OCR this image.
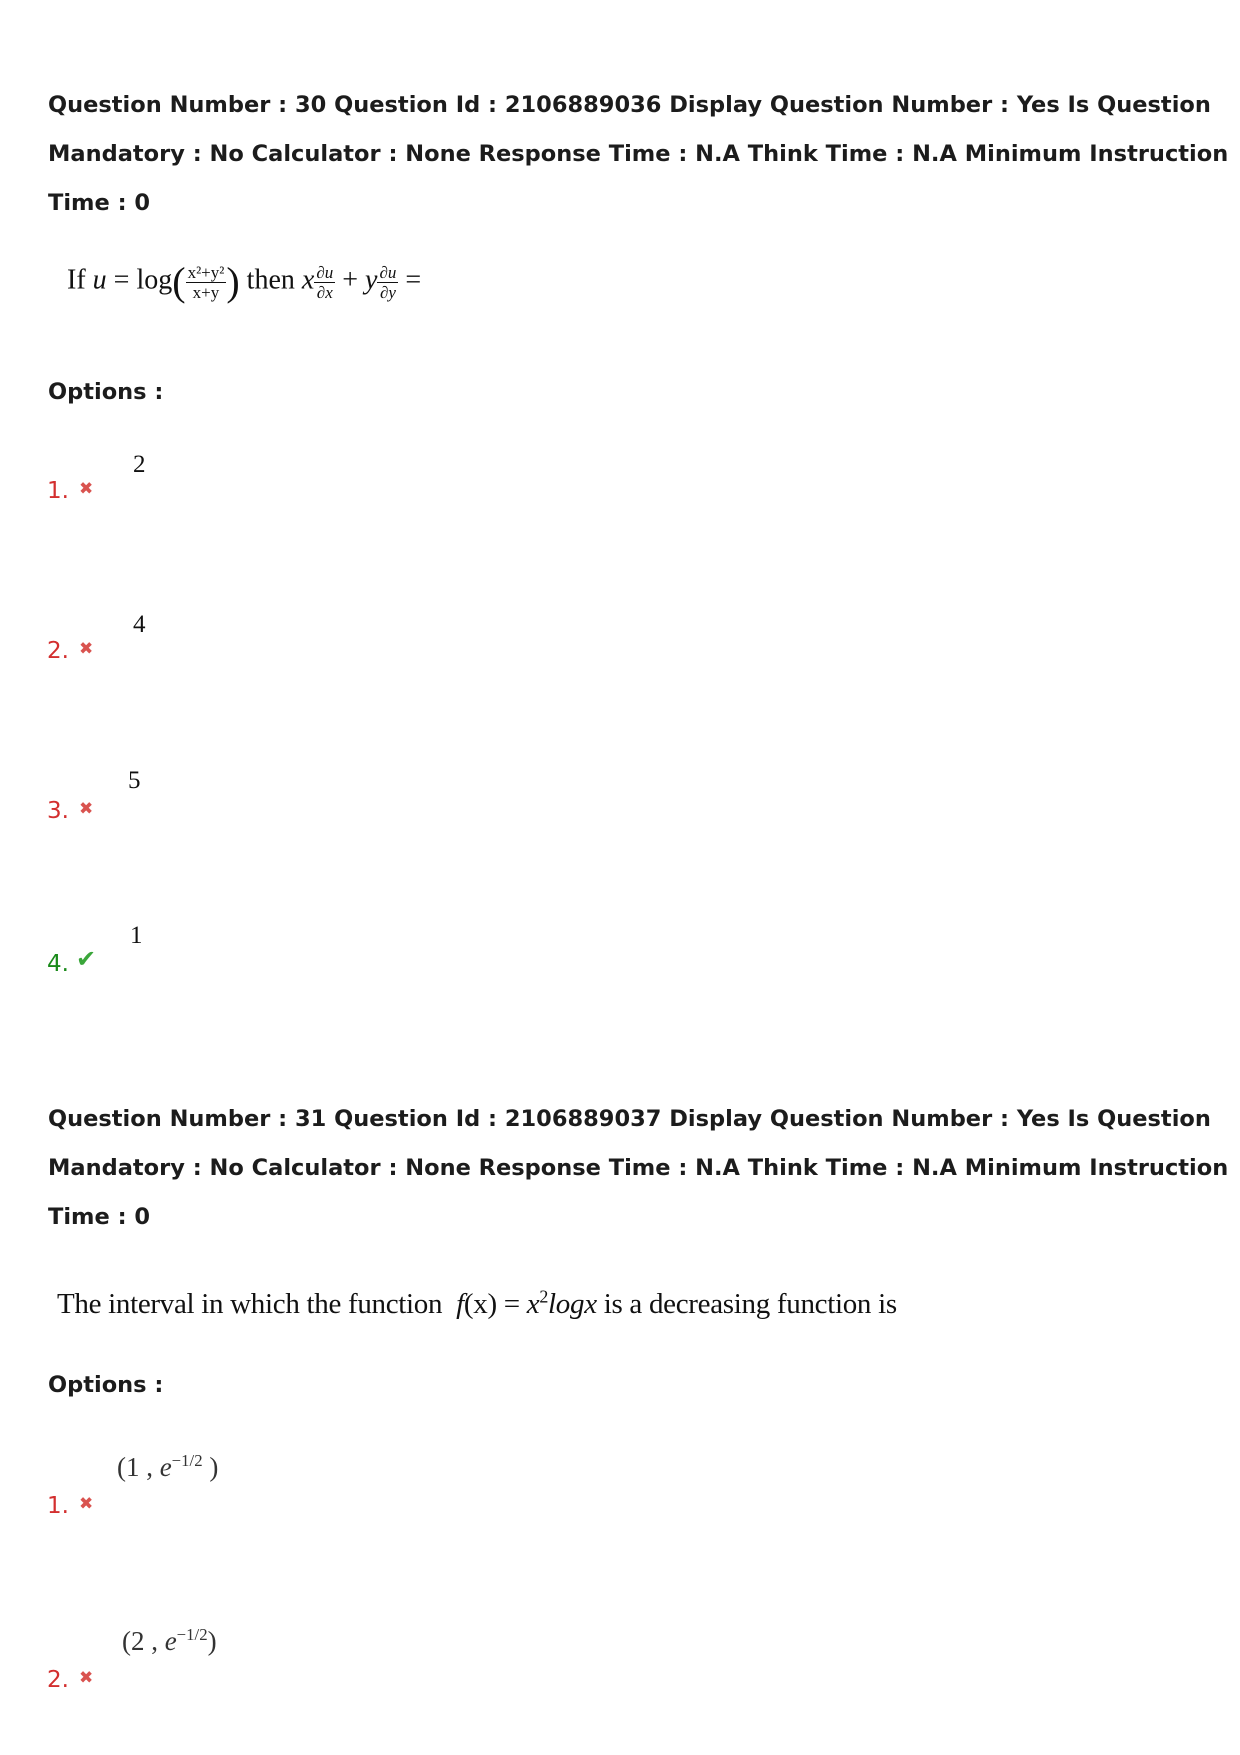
Question Number : 30 Question Id : 2106889036 Display Question Number : Yes Is Question

Mandatory : No Calculator : None Response Time : N.A Think Time : N.A Minimum Instruction

Time : 0

If $u = \log( \frac{\text{x²+y²}}{x+y}$ ) then x $\frac{\partial u}{\partial x} + y \frac{\partial u}{\partial y}$ =
Options :
2
1. ✖
4
2. ✖
5
3. ✖
1
4. ✔

Question Number : 31 Question Id : 2106889037 Display Question Number : Yes Is Question

Mandatory : No Calculator : None Response Time : N.A Think Time : N.A Minimum Instruction

Time : 0

The interval in which the function $f(x) = x^2\log x$ is a decreasing function is
Options :
(1 , $e^{-1/2}$ )
1. ✖
(2 , $e^{-1/2}$)
2. ✖
